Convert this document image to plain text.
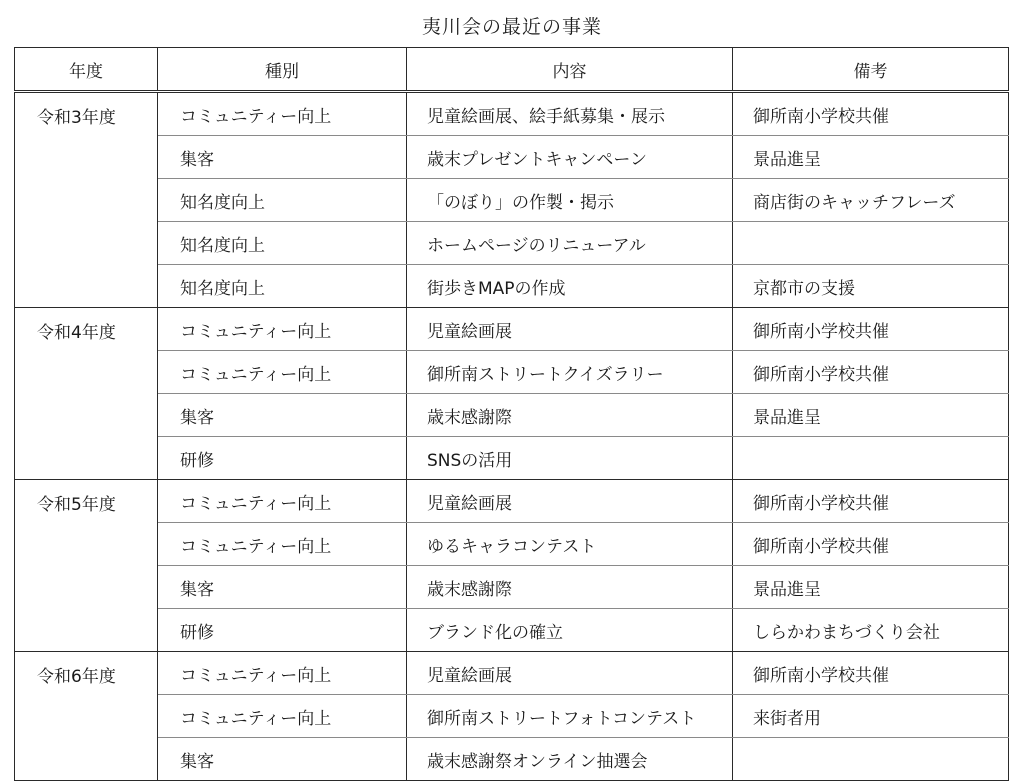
夷川会の最近の事業
年度	種別	内容	備考
令和3年度	コミュニティー向上	児童絵画展、絵手紙募集・展示	御所南小学校共催
	集客	歳末プレゼントキャンペーン	景品進呈
	知名度向上	「のぼり」の作製・掲示	商店街のキャッチフレーズ
	知名度向上	ホームページのリニューアル	
	知名度向上	街歩きMAPの作成	京都市の支援
令和4年度	コミュニティー向上	児童絵画展	御所南小学校共催
	コミュニティー向上	御所南ストリートクイズラリー	御所南小学校共催
	集客	歳末感謝際	景品進呈
	研修	SNSの活用	
令和5年度	コミュニティー向上	児童絵画展	御所南小学校共催
	コミュニティー向上	ゆるキャラコンテスト	御所南小学校共催
	集客	歳末感謝際	景品進呈
	研修	ブランド化の確立	しらかわまちづくり会社
令和6年度	コミュニティー向上	児童絵画展	御所南小学校共催
	コミュニティー向上	御所南ストリートフォトコンテスト	来街者用
	集客	歳末感謝祭オンライン抽選会	
